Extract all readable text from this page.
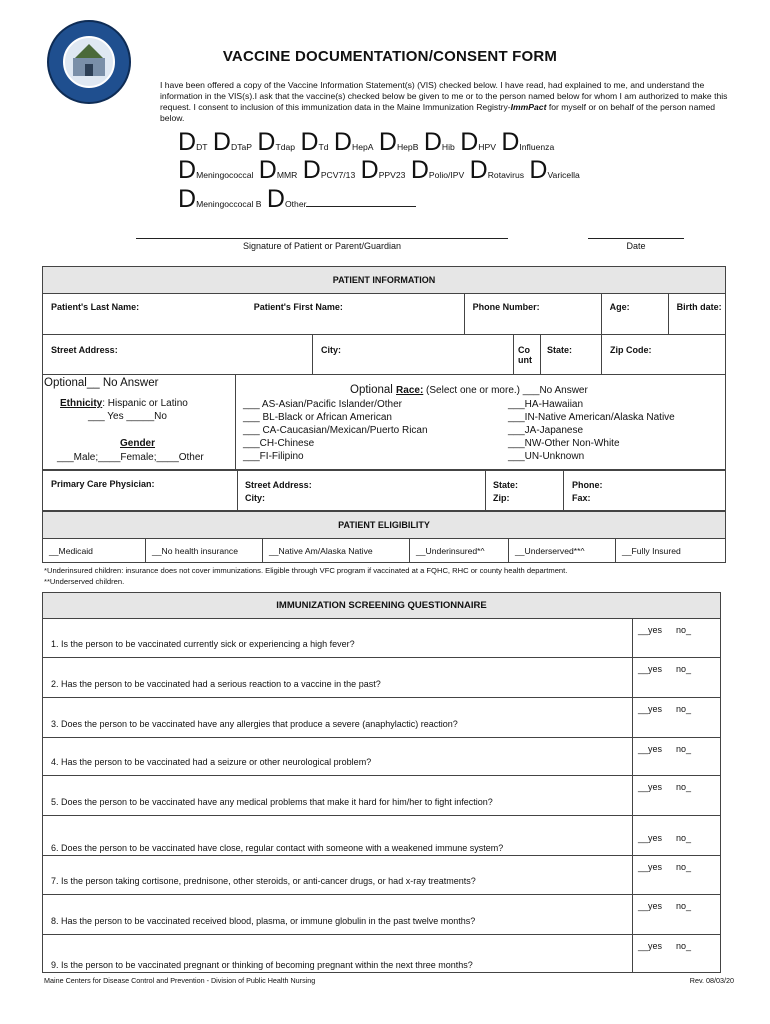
VACCINE DOCUMENTATION/CONSENT FORM
I have been offered a copy of the Vaccine Information Statement(s) (VIS) checked below. I have read, had explained to me, and understand the information in the VIS(s).I ask that the vaccine(s) checked below be given to me or to the person named below for whom I am authorized to make this request. I consent to inclusion of this immunization data in the Maine Immunization Registry-ImmPact for myself or on behalf of the person named below.
DDT DDTaP DTdap DTd DHepA DHepB DHib DHPV DInfluenza
DMeningococcal DMMR DPCV7/13 DPPV23 DPolio/IPV DRotavirus DVaricella
DMeningoccocal B DOther
Signature of Patient or Parent/Guardian	Date
PATIENT INFORMATION
Patient's Last Name:	Patient's First Name:	Phone Number:	Age:	Birth date:
Street Address:	City:	Co unt	State:	Zip Code:
Optional__ No Answer
Ethnicity: Hispanic or Latino
___ Yes _____No
Gender
___Male;____Female;____Other
Optional Race: (Select one or more.) ___No Answer
___ AS-Asian/Pacific Islander/Other
___ BL-Black or African American
___ CA-Caucasian/Mexican/Puerto Rican
___CH-Chinese
___FI-Filipino
___HA-Hawaiian
___IN-Native American/Alaska Native
___JA-Japanese
___NW-Other Non-White
___UN-Unknown
Primary Care Physician:	Street Address:
City:

State:
Zip:

Phone:
Fax:
PATIENT ELIGIBILITY
__Medicaid	__No health insurance	__Native Am/Alaska Native	__Underinsured*^	__Underserved**^	__Fully Insured
*Underinsured children: insurance does not cover immunizations. Eligible through VFC program if vaccinated at a FQHC, RHC or county health department.
**Underserved children.
IMMUNIZATION SCREENING QUESTIONNAIRE	
1. Is the person to be vaccinated currently sick or experiencing a high fever?	__yes no_
2. Has the person to be vaccinated had a serious reaction to a vaccine in the past?	__yes no_
3. Does the person to be vaccinated have any allergies that produce a severe (anaphylactic) reaction?	__yes no_
4. Has the person to be vaccinated had a seizure or other neurological problem?	__yes no_
5. Does the person to be vaccinated have any medical problems that make it hard for him/her to fight infection?	__yes no_
6. Does the person to be vaccinated have close, regular contact with someone with a weakened immune system?	__yes no_
7. Is the person taking cortisone, prednisone, other steroids, or anti-cancer drugs, or had x-ray treatments?	__yes no_
8. Has the person to be vaccinated received blood, plasma, or immune globulin in the past twelve months?	__yes no_
9. Is the person to be vaccinated pregnant or thinking of becoming pregnant within the next three months?	__yes no_
Maine Centers for Disease Control and Prevention - Division of Public Health Nursing	Rev. 08/03/20
